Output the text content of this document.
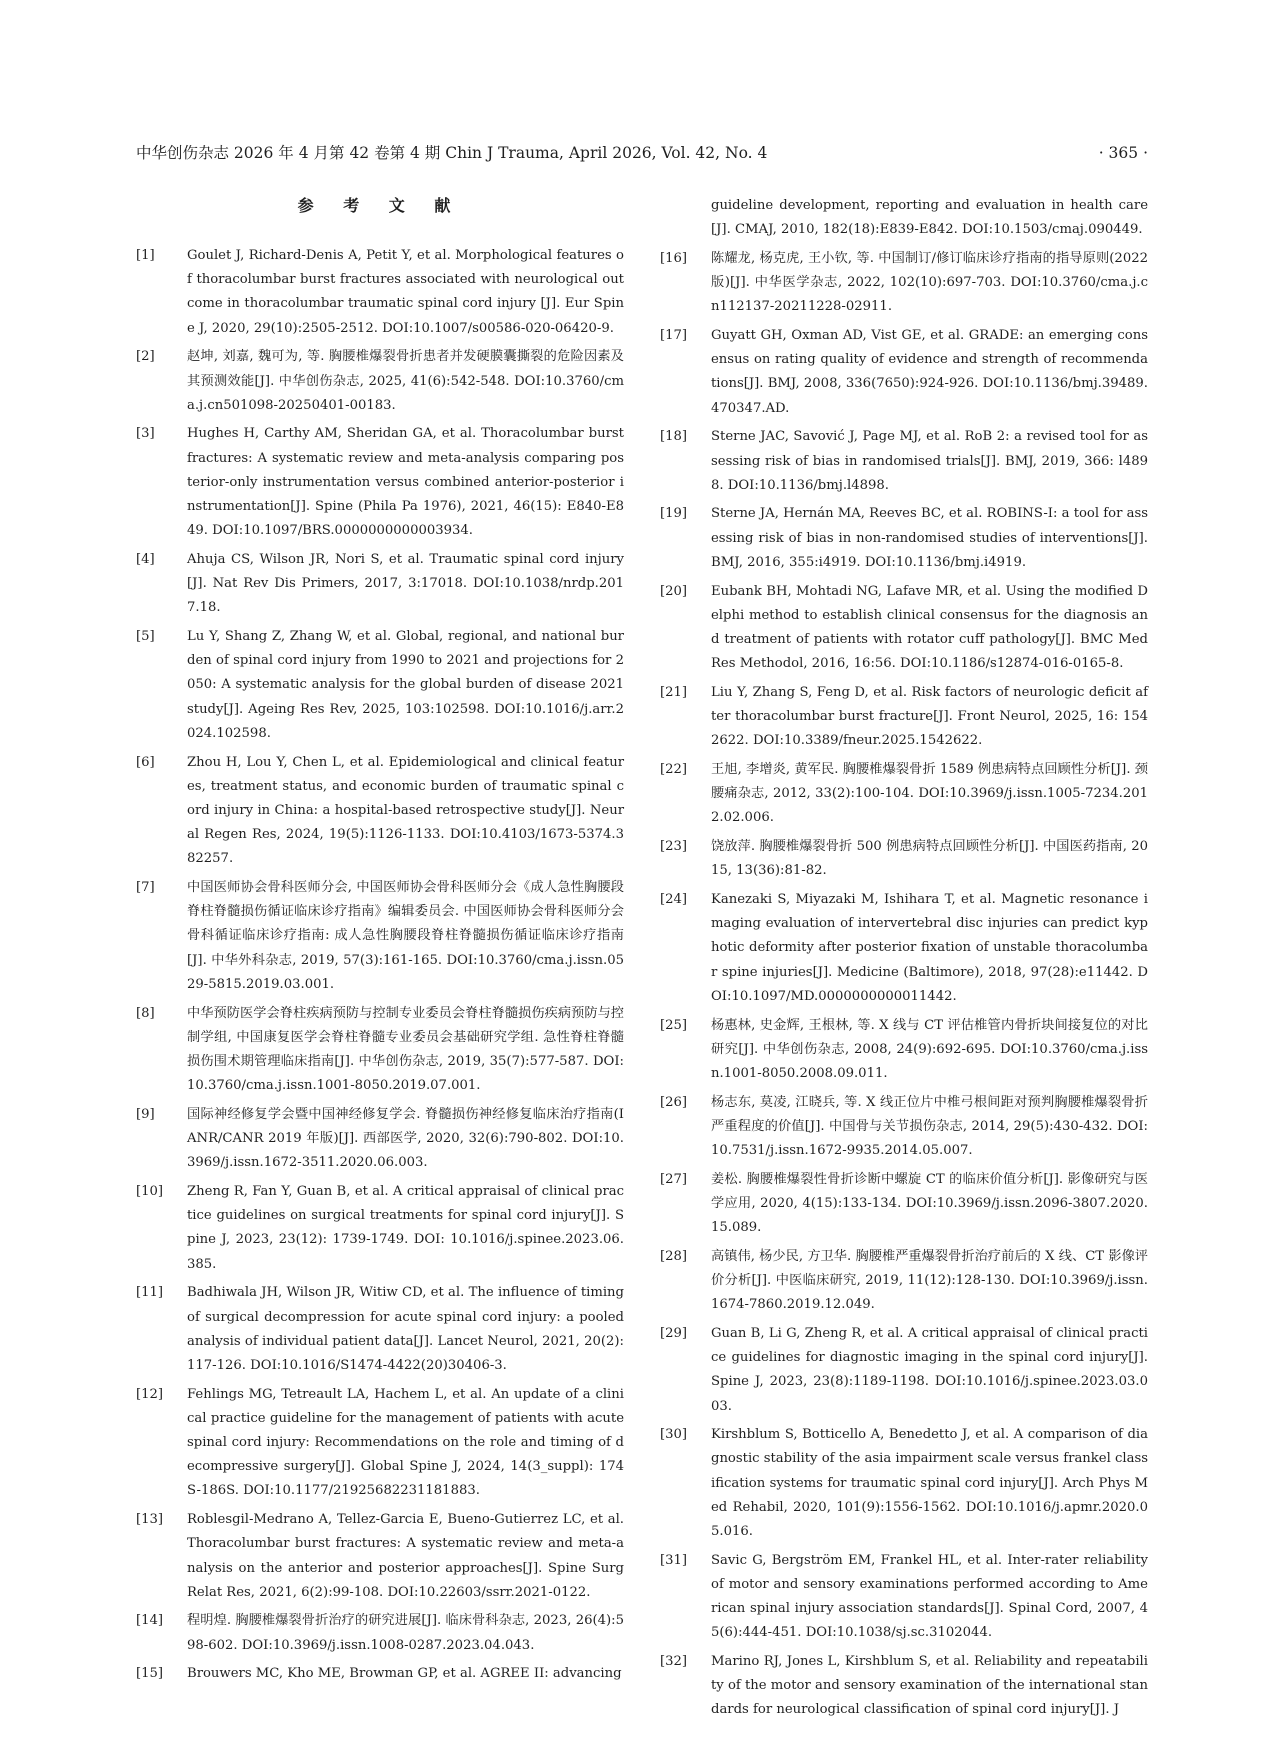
中华创伤杂志 2026 年 4 月第 42 卷第 4 期 Chin J Trauma, April 2026, Vol. 42, No. 4	· 365 ·
参 考 文 献
[1] Goulet J, Richard-Denis A, Petit Y, et al. Morphological features of thoracolumbar burst fractures associated with neurological outcome in thoracolumbar traumatic spinal cord injury [J]. Eur Spine J, 2020, 29(10):2505-2512. DOI:10.1007/s00586-020-06420-9.
[2] 赵坤, 刘嘉, 魏可为, 等. 胸腰椎爆裂骨折患者并发硬膜囊撕裂的危险因素及其预测效能[J]. 中华创伤杂志, 2025, 41(6):542-548. DOI:10.3760/cma.j.cn501098-20250401-00183.
[3] Hughes H, Carthy AM, Sheridan GA, et al. Thoracolumbar burst fractures: A systematic review and meta-analysis comparing posterior-only instrumentation versus combined anterior-posterior instrumentation[J]. Spine (Phila Pa 1976), 2021, 46(15): E840-E849. DOI:10.1097/BRS.0000000000003934.
[4] Ahuja CS, Wilson JR, Nori S, et al. Traumatic spinal cord injury[J]. Nat Rev Dis Primers, 2017, 3:17018. DOI:10.1038/nrdp.2017.18.
[5] Lu Y, Shang Z, Zhang W, et al. Global, regional, and national burden of spinal cord injury from 1990 to 2021 and projections for 2050: A systematic analysis for the global burden of disease 2021 study[J]. Ageing Res Rev, 2025, 103:102598. DOI:10.1016/j.arr.2024.102598.
[6] Zhou H, Lou Y, Chen L, et al. Epidemiological and clinical features, treatment status, and economic burden of traumatic spinal cord injury in China: a hospital-based retrospective study[J]. Neural Regen Res, 2024, 19(5):1126-1133. DOI:10.4103/1673-5374.382257.
[7] 中国医师协会骨科医师分会, 中国医师协会骨科医师分会《成人急性胸腰段脊柱脊髓损伤循证临床诊疗指南》编辑委员会. 中国医师协会骨科医师分会骨科循证临床诊疗指南: 成人急性胸腰段脊柱脊髓损伤循证临床诊疗指南[J]. 中华外科杂志, 2019, 57(3):161-165. DOI:10.3760/cma.j.issn.0529-5815.2019.03.001.
[8] 中华预防医学会脊柱疾病预防与控制专业委员会脊柱脊髓损伤疾病预防与控制学组, 中国康复医学会脊柱脊髓专业委员会基础研究学组. 急性脊柱脊髓损伤围术期管理临床指南[J]. 中华创伤杂志, 2019, 35(7):577-587. DOI:10.3760/cma.j.issn.1001-8050.2019.07.001.
[9] 国际神经修复学会暨中国神经修复学会. 脊髓损伤神经修复临床治疗指南(IANR/CANR 2019 年版)[J]. 西部医学, 2020, 32(6):790-802. DOI:10.3969/j.issn.1672-3511.2020.06.003.
[10] Zheng R, Fan Y, Guan B, et al. A critical appraisal of clinical practice guidelines on surgical treatments for spinal cord injury[J]. Spine J, 2023, 23(12): 1739-1749. DOI: 10.1016/j.spinee.2023.06.385.
[11] Badhiwala JH, Wilson JR, Witiw CD, et al. The influence of timing of surgical decompression for acute spinal cord injury: a pooled analysis of individual patient data[J]. Lancet Neurol, 2021, 20(2): 117-126. DOI:10.1016/S1474-4422(20)30406-3.
[12] Fehlings MG, Tetreault LA, Hachem L, et al. An update of a clinical practice guideline for the management of patients with acute spinal cord injury: Recommendations on the role and timing of decompressive surgery[J]. Global Spine J, 2024, 14(3_suppl): 174S-186S. DOI:10.1177/21925682231181883.
[13] Roblesgil-Medrano A, Tellez-Garcia E, Bueno-Gutierrez LC, et al. Thoracolumbar burst fractures: A systematic review and meta-analysis on the anterior and posterior approaches[J]. Spine Surg Relat Res, 2021, 6(2):99-108. DOI:10.22603/ssrr.2021-0122.
[14] 程明煌. 胸腰椎爆裂骨折治疗的研究进展[J]. 临床骨科杂志, 2023, 26(4):598-602. DOI:10.3969/j.issn.1008-0287.2023.04.043.
[15] Brouwers MC, Kho ME, Browman GP, et al. AGREE II: advancing
guideline development, reporting and evaluation in health care[J]. CMAJ, 2010, 182(18):E839-E842. DOI:10.1503/cmaj.090449.
[16] 陈耀龙, 杨克虎, 王小钦, 等. 中国制订/修订临床诊疗指南的指导原则(2022 版)[J]. 中华医学杂志, 2022, 102(10):697-703. DOI:10.3760/cma.j.cn112137-20211228-02911.
[17] Guyatt GH, Oxman AD, Vist GE, et al. GRADE: an emerging consensus on rating quality of evidence and strength of recommendations[J]. BMJ, 2008, 336(7650):924-926. DOI:10.1136/bmj.39489.470347.AD.
[18] Sterne JAC, Savović J, Page MJ, et al. RoB 2: a revised tool for assessing risk of bias in randomised trials[J]. BMJ, 2019, 366: l4898. DOI:10.1136/bmj.l4898.
[19] Sterne JA, Hernán MA, Reeves BC, et al. ROBINS-I: a tool for assessing risk of bias in non-randomised studies of interventions[J]. BMJ, 2016, 355:i4919. DOI:10.1136/bmj.i4919.
[20] Eubank BH, Mohtadi NG, Lafave MR, et al. Using the modified Delphi method to establish clinical consensus for the diagnosis and treatment of patients with rotator cuff pathology[J]. BMC Med Res Methodol, 2016, 16:56. DOI:10.1186/s12874-016-0165-8.
[21] Liu Y, Zhang S, Feng D, et al. Risk factors of neurologic deficit after thoracolumbar burst fracture[J]. Front Neurol, 2025, 16: 1542622. DOI:10.3389/fneur.2025.1542622.
[22] 王旭, 李增炎, 黄军民. 胸腰椎爆裂骨折 1589 例患病特点回顾性分析[J]. 颈腰痛杂志, 2012, 33(2):100-104. DOI:10.3969/j.issn.1005-7234.2012.02.006.
[23] 饶放萍. 胸腰椎爆裂骨折 500 例患病特点回顾性分析[J]. 中国医药指南, 2015, 13(36):81-82.
[24] Kanezaki S, Miyazaki M, Ishihara T, et al. Magnetic resonance imaging evaluation of intervertebral disc injuries can predict kyphotic deformity after posterior fixation of unstable thoracolumbar spine injuries[J]. Medicine (Baltimore), 2018, 97(28):e11442. DOI:10.1097/MD.0000000000011442.
[25] 杨惠林, 史金辉, 王根林, 等. X 线与 CT 评估椎管内骨折块间接复位的对比研究[J]. 中华创伤杂志, 2008, 24(9):692-695. DOI:10.3760/cma.j.issn.1001-8050.2008.09.011.
[26] 杨志东, 莫凌, 江晓兵, 等. X 线正位片中椎弓根间距对预判胸腰椎爆裂骨折严重程度的价值[J]. 中国骨与关节损伤杂志, 2014, 29(5):430-432. DOI:10.7531/j.issn.1672-9935.2014.05.007.
[27] 姜松. 胸腰椎爆裂性骨折诊断中螺旋 CT 的临床价值分析[J]. 影像研究与医学应用, 2020, 4(15):133-134. DOI:10.3969/j.issn.2096-3807.2020.15.089.
[28] 高镇伟, 杨少民, 方卫华. 胸腰椎严重爆裂骨折治疗前后的 X 线、CT 影像评价分析[J]. 中医临床研究, 2019, 11(12):128-130. DOI:10.3969/j.issn.1674-7860.2019.12.049.
[29] Guan B, Li G, Zheng R, et al. A critical appraisal of clinical practice guidelines for diagnostic imaging in the spinal cord injury[J]. Spine J, 2023, 23(8):1189-1198. DOI:10.1016/j.spinee.2023.03.003.
[30] Kirshblum S, Botticello A, Benedetto J, et al. A comparison of diagnostic stability of the asia impairment scale versus frankel classification systems for traumatic spinal cord injury[J]. Arch Phys Med Rehabil, 2020, 101(9):1556-1562. DOI:10.1016/j.apmr.2020.05.016.
[31] Savic G, Bergström EM, Frankel HL, et al. Inter-rater reliability of motor and sensory examinations performed according to American spinal injury association standards[J]. Spinal Cord, 2007, 45(6):444-451. DOI:10.1038/sj.sc.3102044.
[32] Marino RJ, Jones L, Kirshblum S, et al. Reliability and repeatability of the motor and sensory examination of the international standards for neurological classification of spinal cord injury[J]. J
